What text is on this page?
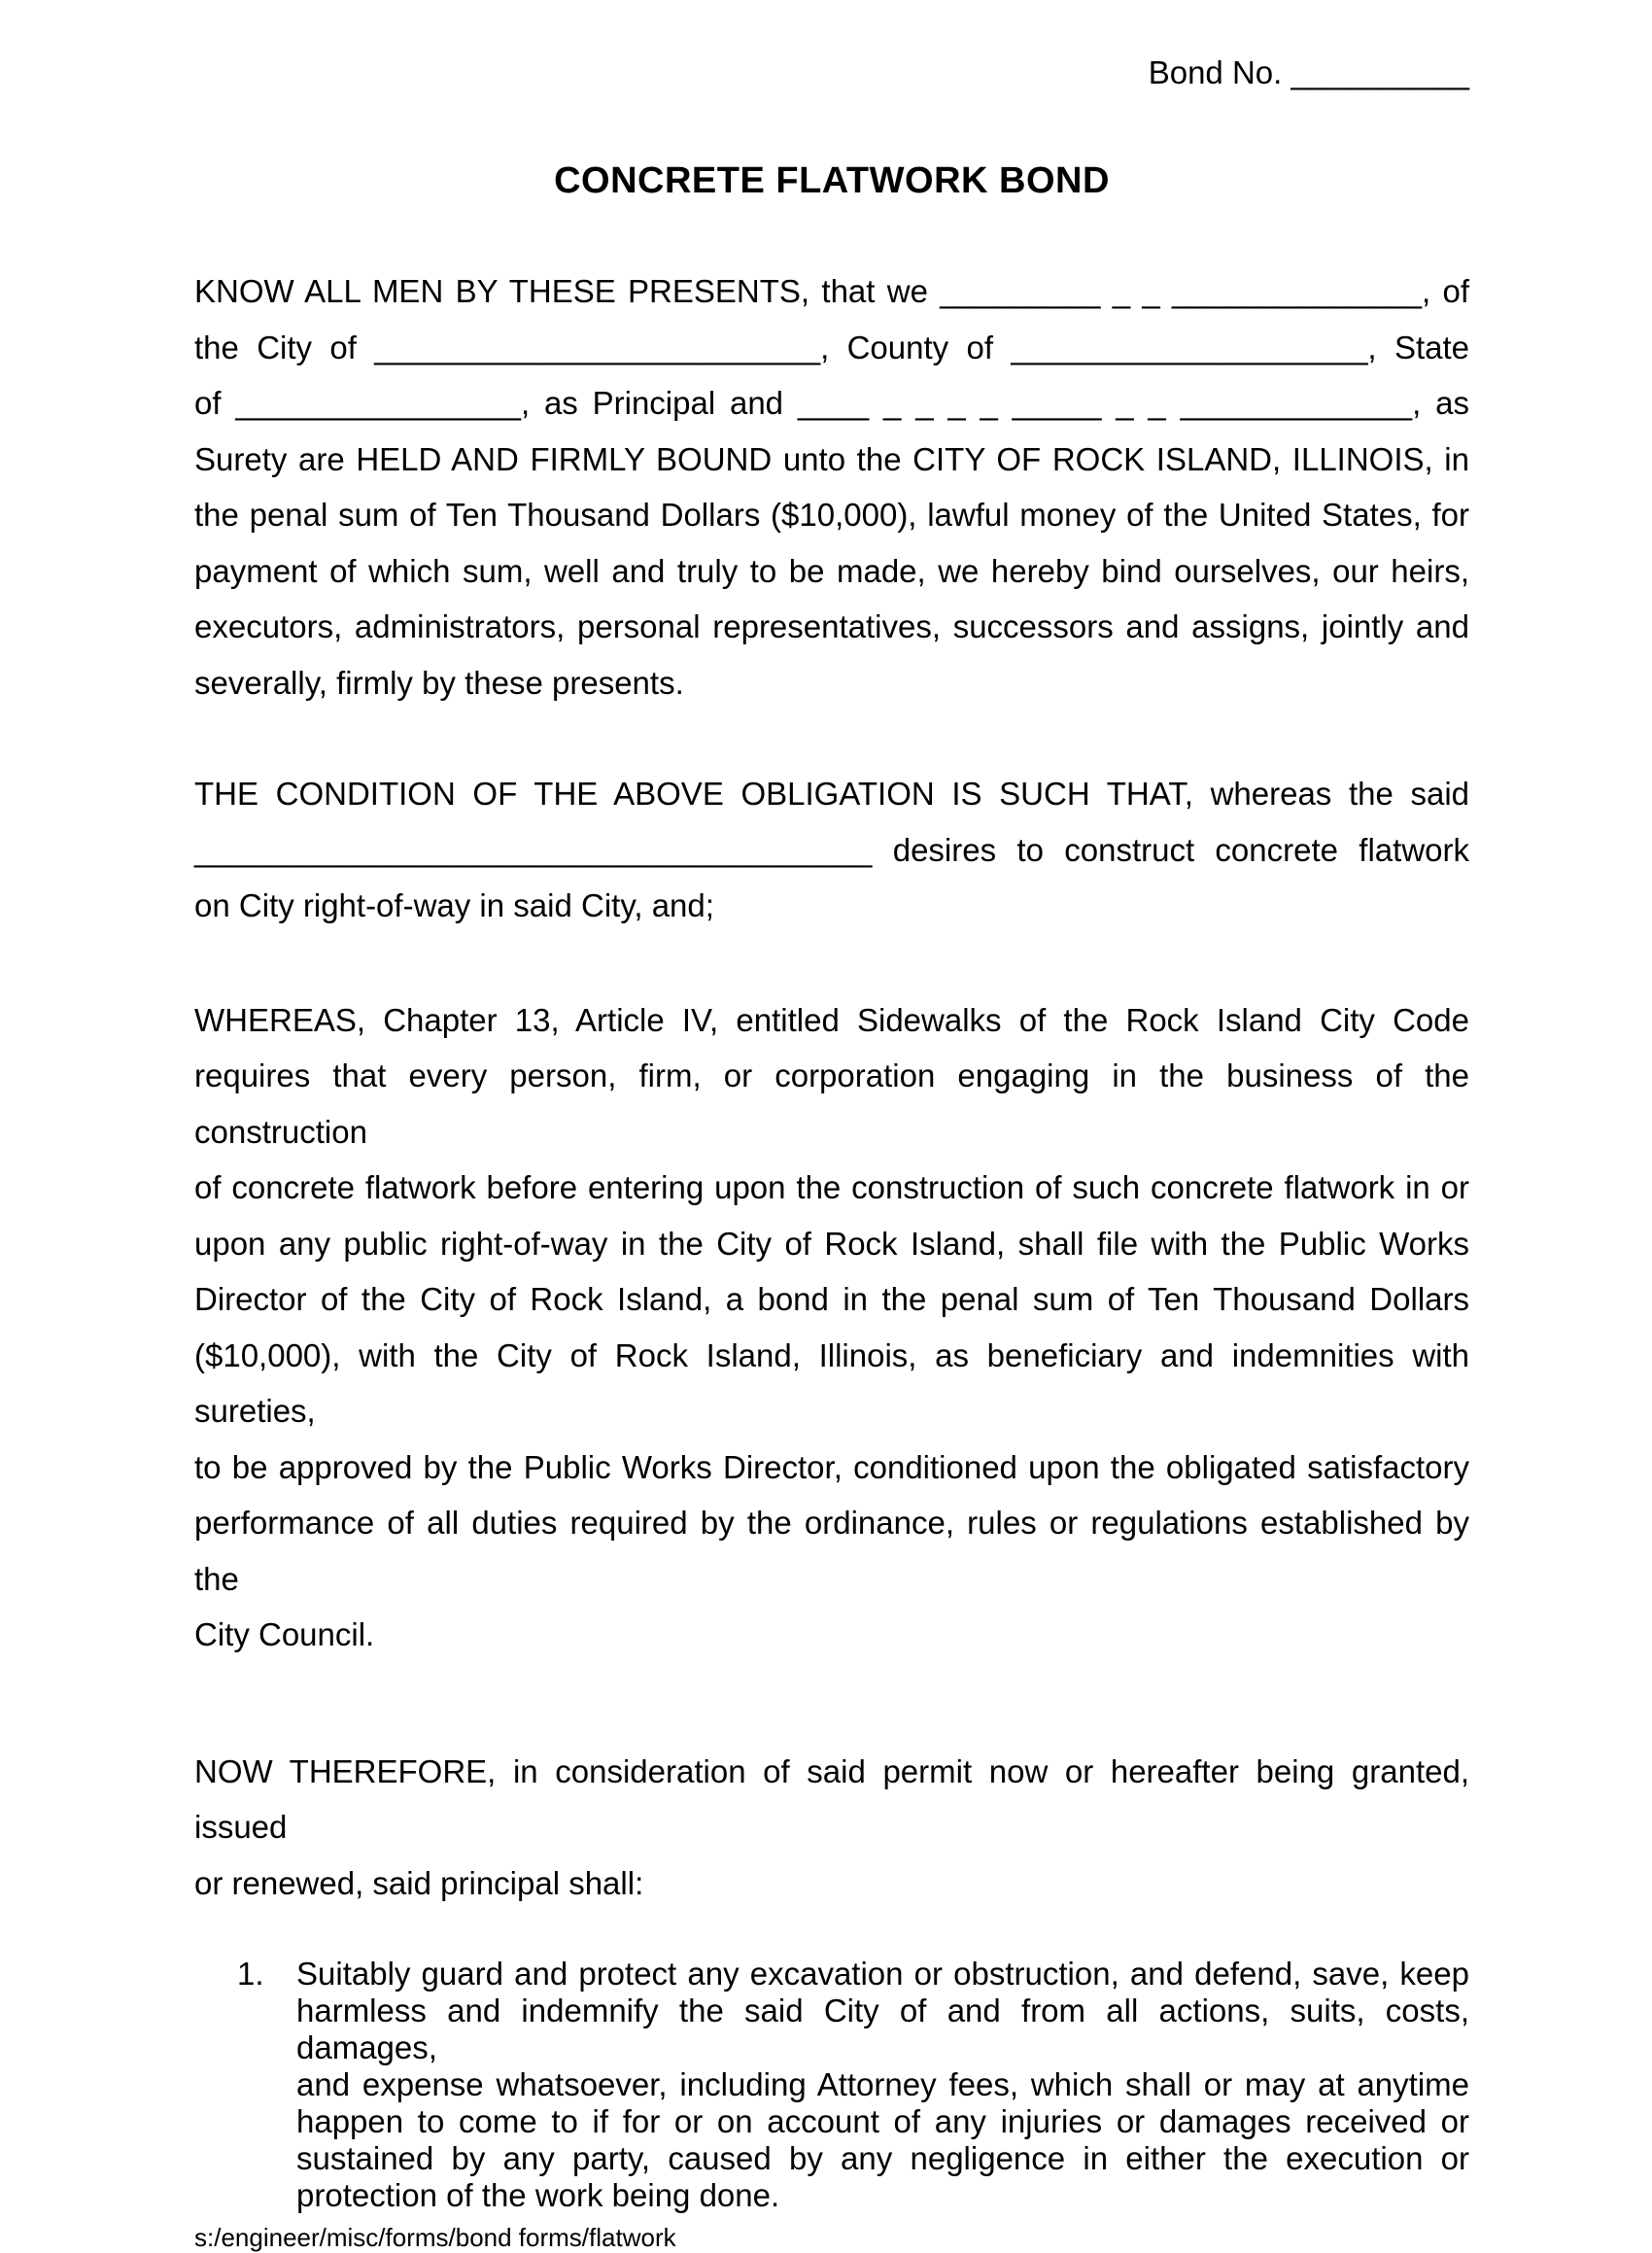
Bond No. __________
CONCRETE FLATWORK BOND
KNOW ALL MEN BY THESE PRESENTS, that we _________ _ _ ______________, of
the City of _________________________, County of ____________________, State
of ________________, as Principal and ____ _ _ _ _ _____ _ _ _____________, as
Surety are HELD AND FIRMLY BOUND unto the CITY OF ROCK ISLAND, ILLINOIS, in
the penal sum of Ten Thousand Dollars ($10,000), lawful money of the United States, for
payment of which sum, well and truly to be made, we hereby bind ourselves, our heirs,
executors, administrators, personal representatives, successors and assigns, jointly and
severally, firmly by these presents.
THE CONDITION OF THE ABOVE OBLIGATION IS SUCH THAT, whereas the said
______________________________________ desires to construct concrete flatwork
on City right-of-way in said City, and;
WHEREAS, Chapter 13, Article IV, entitled Sidewalks of the Rock Island City Code
requires that every person, firm, or corporation engaging in the business of the construction
of concrete flatwork before entering upon the construction of such concrete flatwork in or
upon any public right-of-way in the City of Rock Island, shall file with the Public Works
Director of the City of Rock Island, a bond in the penal sum of Ten Thousand Dollars
($10,000), with the City of Rock Island, Illinois, as beneficiary and indemnities with sureties,
to be approved by the Public Works Director, conditioned upon the obligated satisfactory
performance of all duties required by the ordinance, rules or regulations established by the
City Council.
NOW THEREFORE, in consideration of said permit now or hereafter being granted, issued
or renewed, said principal shall:
1.	Suitably guard and protect any excavation or obstruction, and defend, save, keep
harmless and indemnify the said City of and from all actions, suits, costs, damages,
and expense whatsoever, including Attorney fees, which shall or may at anytime
happen to come to if for or on account of any injuries or damages received or
sustained by any party, caused by any negligence in either the execution or
protection of the work being done.
s:/engineer/misc/forms/bond forms/flatwork
